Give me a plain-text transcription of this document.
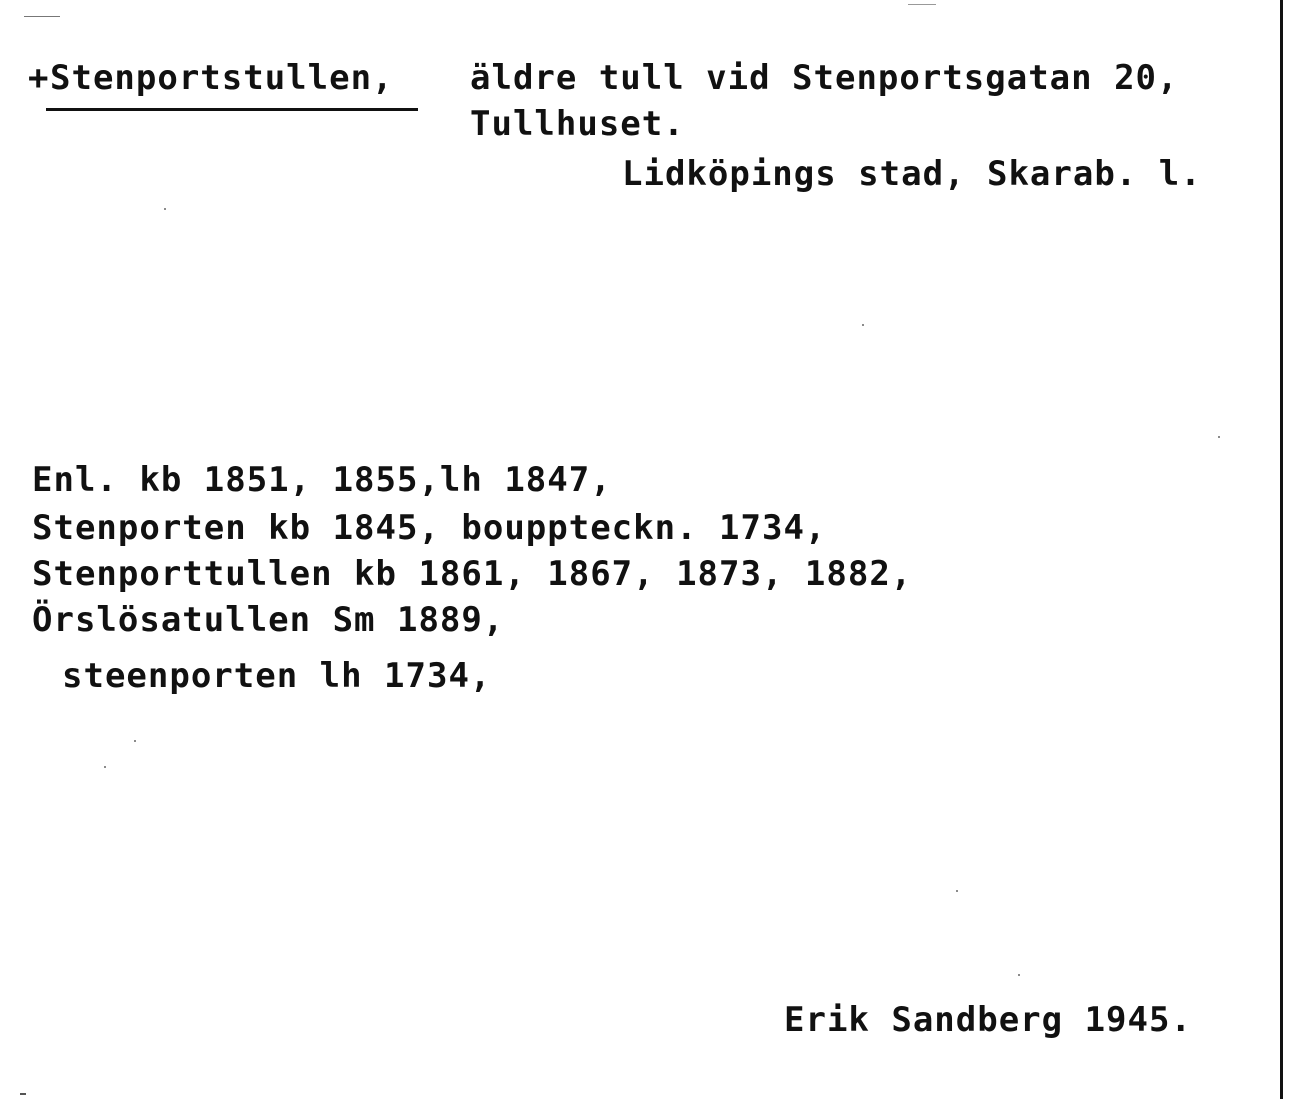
+ Stenportstullen, äldre tull vid Stenportsgatan 20,
Tullhuset.
Lidköpings stad, Skarab. l.
Enl. kb 1851, 1855,lh 1847,
Stenporten kb 1845, bouppteckn. 1734,
Stenporttullen kb 1861, 1867, 1873, 1882,
Örslösatullen Sm 1889,
steenporten lh 1734,
Erik Sandberg 1945.
